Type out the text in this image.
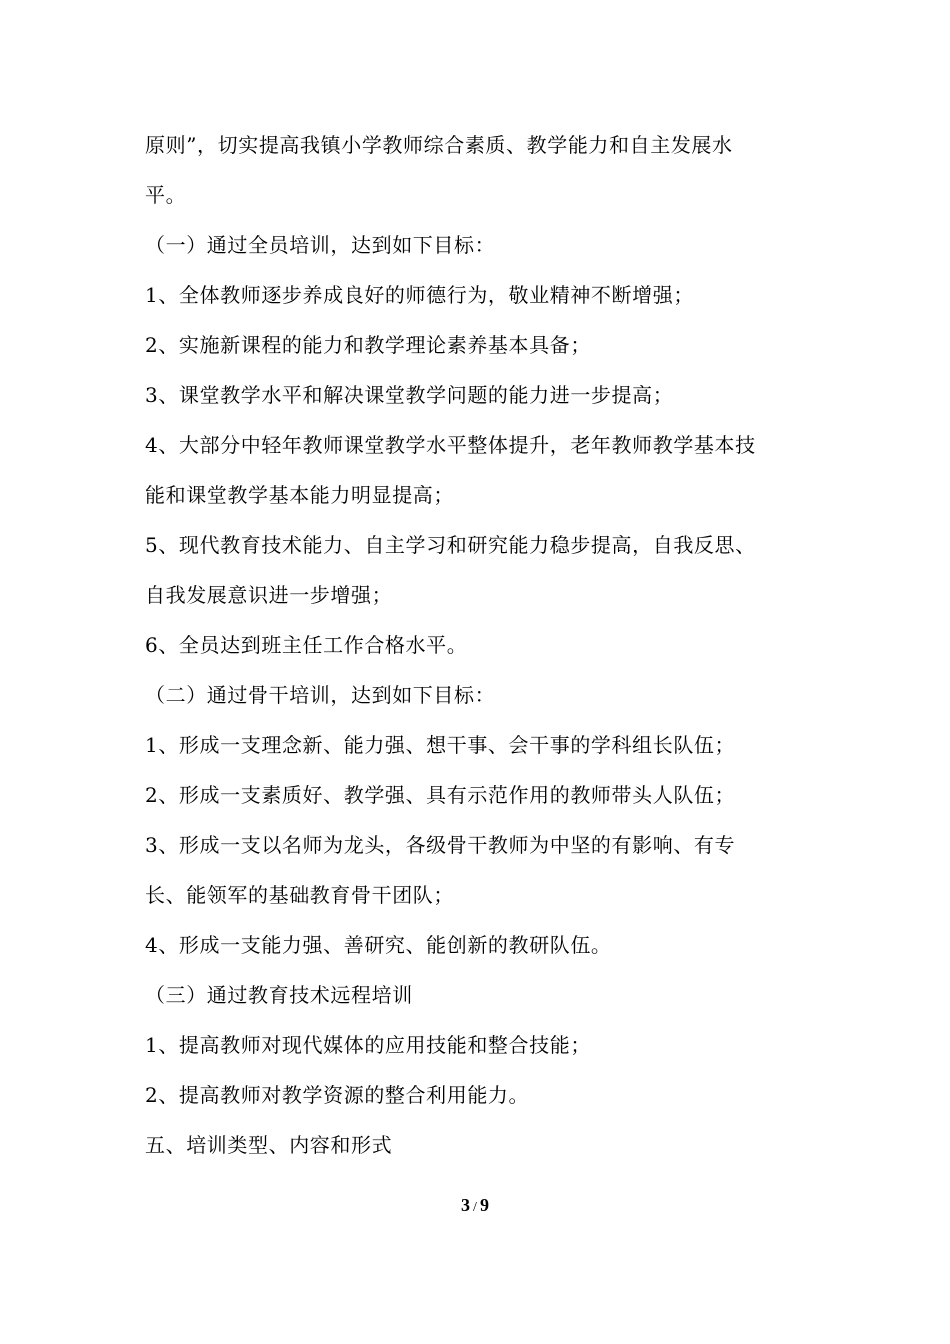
原则”，切实提高我镇小学教师综合素质、教学能力和自主发展水
平。
（一）通过全员培训，达到如下目标：
1、全体教师逐步养成良好的师德行为，敬业精神不断增强；
2、实施新课程的能力和教学理论素养基本具备；
3、课堂教学水平和解决课堂教学问题的能力进一步提高；
4、大部分中轻年教师课堂教学水平整体提升，老年教师教学基本技
能和课堂教学基本能力明显提高；
5、现代教育技术能力、自主学习和研究能力稳步提高，自我反思、
自我发展意识进一步增强；
6、全员达到班主任工作合格水平。
（二）通过骨干培训，达到如下目标：
1、形成一支理念新、能力强、想干事、会干事的学科组长队伍；
2、形成一支素质好、教学强、具有示范作用的教师带头人队伍；
3、形成一支以名师为龙头，各级骨干教师为中坚的有影响、有专
长、能领军的基础教育骨干团队；
4、形成一支能力强、善研究、能创新的教研队伍。
（三）通过教育技术远程培训
1、提高教师对现代媒体的应用技能和整合技能；
2、提高教师对教学资源的整合利用能力。
五、培训类型、内容和形式
3 / 9
